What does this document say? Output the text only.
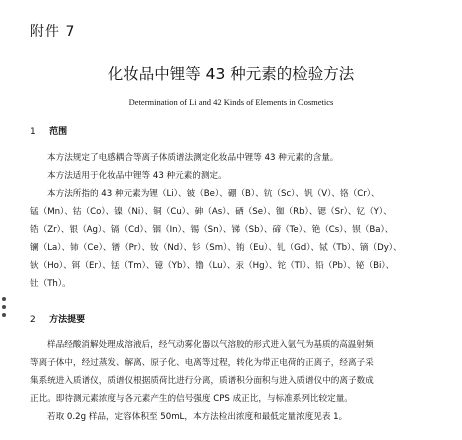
附件 7
化妆品中锂等 43 种元素的检验方法
Determination of Li and 42 Kinds of Elements in Cosmetics
1 范围
本方法规定了电感耦合等离子体质谱法测定化妆品中锂等 43 种元素的含量。
本方法适用于化妆品中锂等 43 种元素的测定。
本方法所指的 43 种元素为锂（Li）、铍（Be）、硼（B）、钪（Sc）、钒（V）、铬（Cr）、
锰（Mn）、钴（Co）、镍（Ni）、铜（Cu）、砷（As）、硒（Se）、铷（Rb）、锶（Sr）、钇（Y）、
锆（Zr）、银（Ag）、镉（Cd）、铟（In）、锡（Sn）、锑（Sb）、碲（Te）、铯（Cs）、钡（Ba）、
镧（La）、铈（Ce）、镨（Pr）、钕（Nd）、钐（Sm）、铕（Eu）、钆（Gd）、铽（Tb）、镝（Dy）、
钬（Ho）、铒（Er）、铥（Tm）、镱（Yb）、镥（Lu）、汞（Hg）、铊（Tl）、铅（Pb）、铋（Bi）、
钍（Th）。
2 方法提要
样品经酸消解处理成溶液后，经气动雾化器以气溶胶的形式进入氩气为基质的高温射频
等离子体中，经过蒸发、解离、原子化、电离等过程，转化为带正电荷的正离子，经离子采
集系统进入质谱仪，质谱仪根据质荷比进行分离，质谱积分面积与进入质谱仪中的离子数成
正比。即待测元素浓度与各元素产生的信号强度 CPS 成正比，与标准系列比较定量。
若取 0.2g 样品，定容体积至 50mL，本方法检出浓度和最低定量浓度见表 1。
